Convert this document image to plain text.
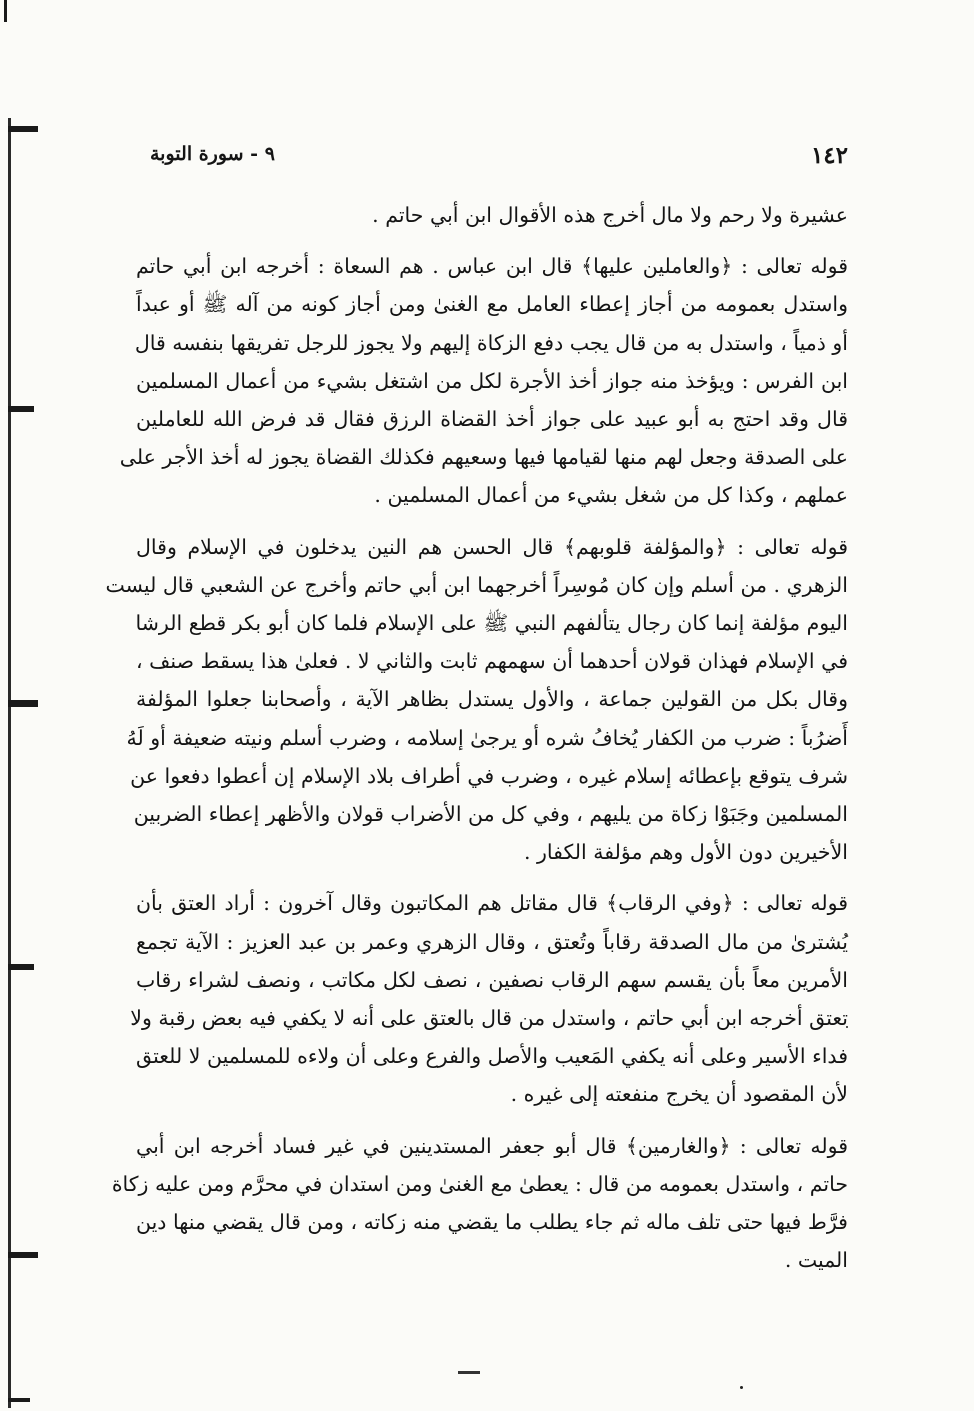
١٤٢
٩ - سورة التوبة
عشيرة ولا رحم ولا مال أخرج هذه الأقوال ابن أبي حاتم .
قوله تعالى : ﴿والعاملين عليها﴾ قال ابن عباس . هم السعاة : أخرجه ابن أبي حاتم
واستدل بعمومه من أجاز إعطاء العامل مع الغنىٰ ومن أجاز كونه من آله ﷺ أو عبداً
أو ذمياً ، واستدل به من قال يجب دفع الزكاة إليهم ولا يجوز للرجل تفريقها بنفسه قال
ابن الفرس : ويؤخذ منه جواز أخذ الأجرة لكل من اشتغل بشيء من أعمال المسلمين
قال وقد احتج به أبو عبيد على جواز أخذ القضاة الرزق فقال قد فرض الله للعاملين
على الصدقة وجعل لهم منها لقيامها فيها وسعيهم فكذلك القضاة يجوز له أخذ الأجر على
عملهم ، وكذا كل من شغل بشيء من أعمال المسلمين .
قوله تعالى : ﴿والمؤلفة قلوبهم﴾ قال الحسن هم النين يدخلون في الإسلام وقال
الزهري . من أسلم وإن كان مُوسِراً أخرجهما ابن أبي حاتم وأخرج عن الشعبي قال ليست
اليوم مؤلفة إنما كان رجال يتألفهم النبي ﷺ على الإسلام فلما كان أبو بكر قطع الرشا
في الإسلام فهذان قولان أحدهما أن سهمهم ثابت والثاني لا . فعلىٰ هذا يسقط صنف ،
وقال بكل من القولين جماعة ، والأول يستدل بظاهر الآية ، وأصحابنا جعلوا المؤلفة
أَضرُباً : ضرب من الكفار يُخافُ شره أو يرجىٰ إسلامه ، وضرب أسلم ونيته ضعيفة أو لَهُ
شرف يتوقع بإعطائه إسلام غيره ، وضرب في أطراف بلاد الإسلام إن أعطوا دفعوا عن
المسلمين وجَبَوْا زكاة من يليهم ، وفي كل من الأضراب قولان والأظهر إعطاء الضربين
الأخيرين دون الأول وهم مؤلفة الكفار .
قوله تعالى : ﴿وفي الرقاب﴾ قال مقاتل هم المكاتبون وقال آخرون : أراد العتق بأن
يُشترىٰ من مال الصدقة رقاباً وتُعتق ، وقال الزهري وعمر بن عبد العزيز : الآية تجمع
الأمرين معاً بأن يقسم سهم الرقاب نصفين ، نصف لكل مكاتب ، ونصف لشراء رقاب
تعتق أخرجه ابن أبي حاتم ، واستدل من قال بالعتق على أنه لا يكفي فيه بعض رقبة ولا
فداء الأسير وعلى أنه يكفي المَعيب والأصل والفرع وعلى أن ولاءه للمسلمين لا للعتق
لأن المقصود أن يخرج منفعته إلى غيره .
قوله تعالى : ﴿والغارمين﴾ قال أبو جعفر المستدينين في غير فساد أخرجه ابن أبي
حاتم ، واستدل بعمومه من قال : يعطىٰ مع الغنىٰ ومن استدان في محرَّم ومن عليه زكاة
فرَّط فيها حتى تلف ماله ثم جاء يطلب ما يقضي منه زكاته ، ومن قال يقضي منها دين
الميت .
